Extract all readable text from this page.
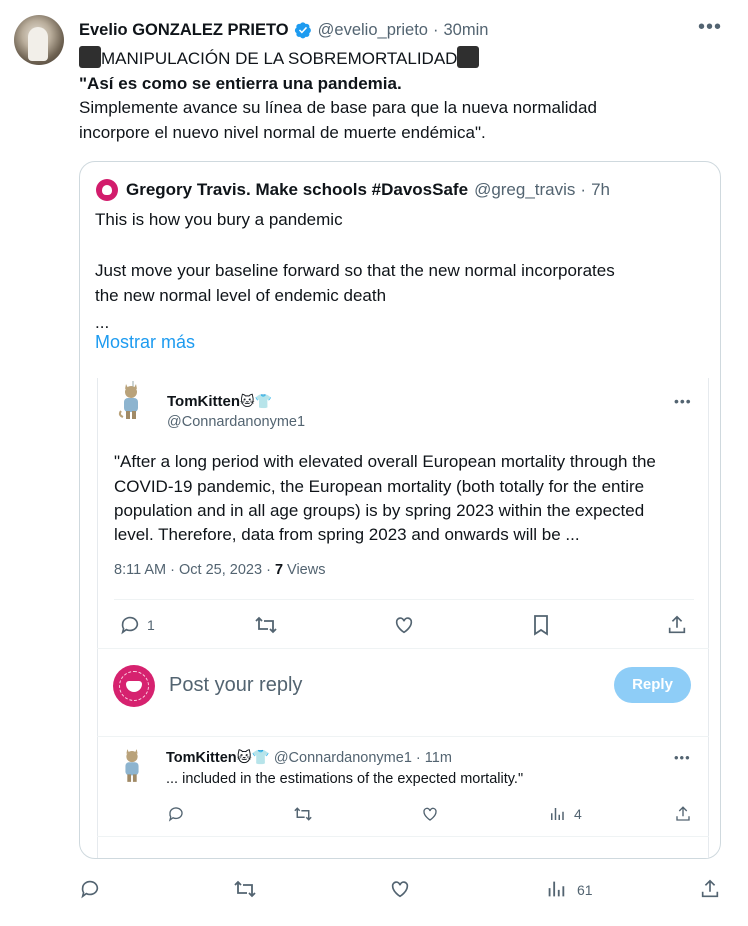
Evelio GONZALEZ PRIETO @evelio_prieto · 30min	•••
MANIPULACIÓN DE LA SOBREMORTALIDAD
"Así es como se entierra una pandemia.
Simplemente avance su línea de base para que la nueva normalidad
incorpore el nuevo nivel normal de muerte endémica".
Gregory Travis. Make schools #DavosSafe @greg_travis · 7h
This is how you bury a pandemic
Just move your baseline forward so that the new normal incorporates
the new normal level of endemic death
...
Mostrar más
TomKitten🐱👕
@Connardanonyme1
•••
"After a long period with elevated overall European mortality through the
COVID-19 pandemic, the European mortality (both totally for the entire
population and in all age groups) is by spring 2023 within the expected
level. Therefore, data from spring 2023 and onwards will be ...
8:11 AM · Oct 25, 2023 · 7 Views
1
Post your reply	Reply
TomKitten🐱👕 @Connardanonyme1 · 11m	•••
... included in the estimations of the expected mortality."
4
61
